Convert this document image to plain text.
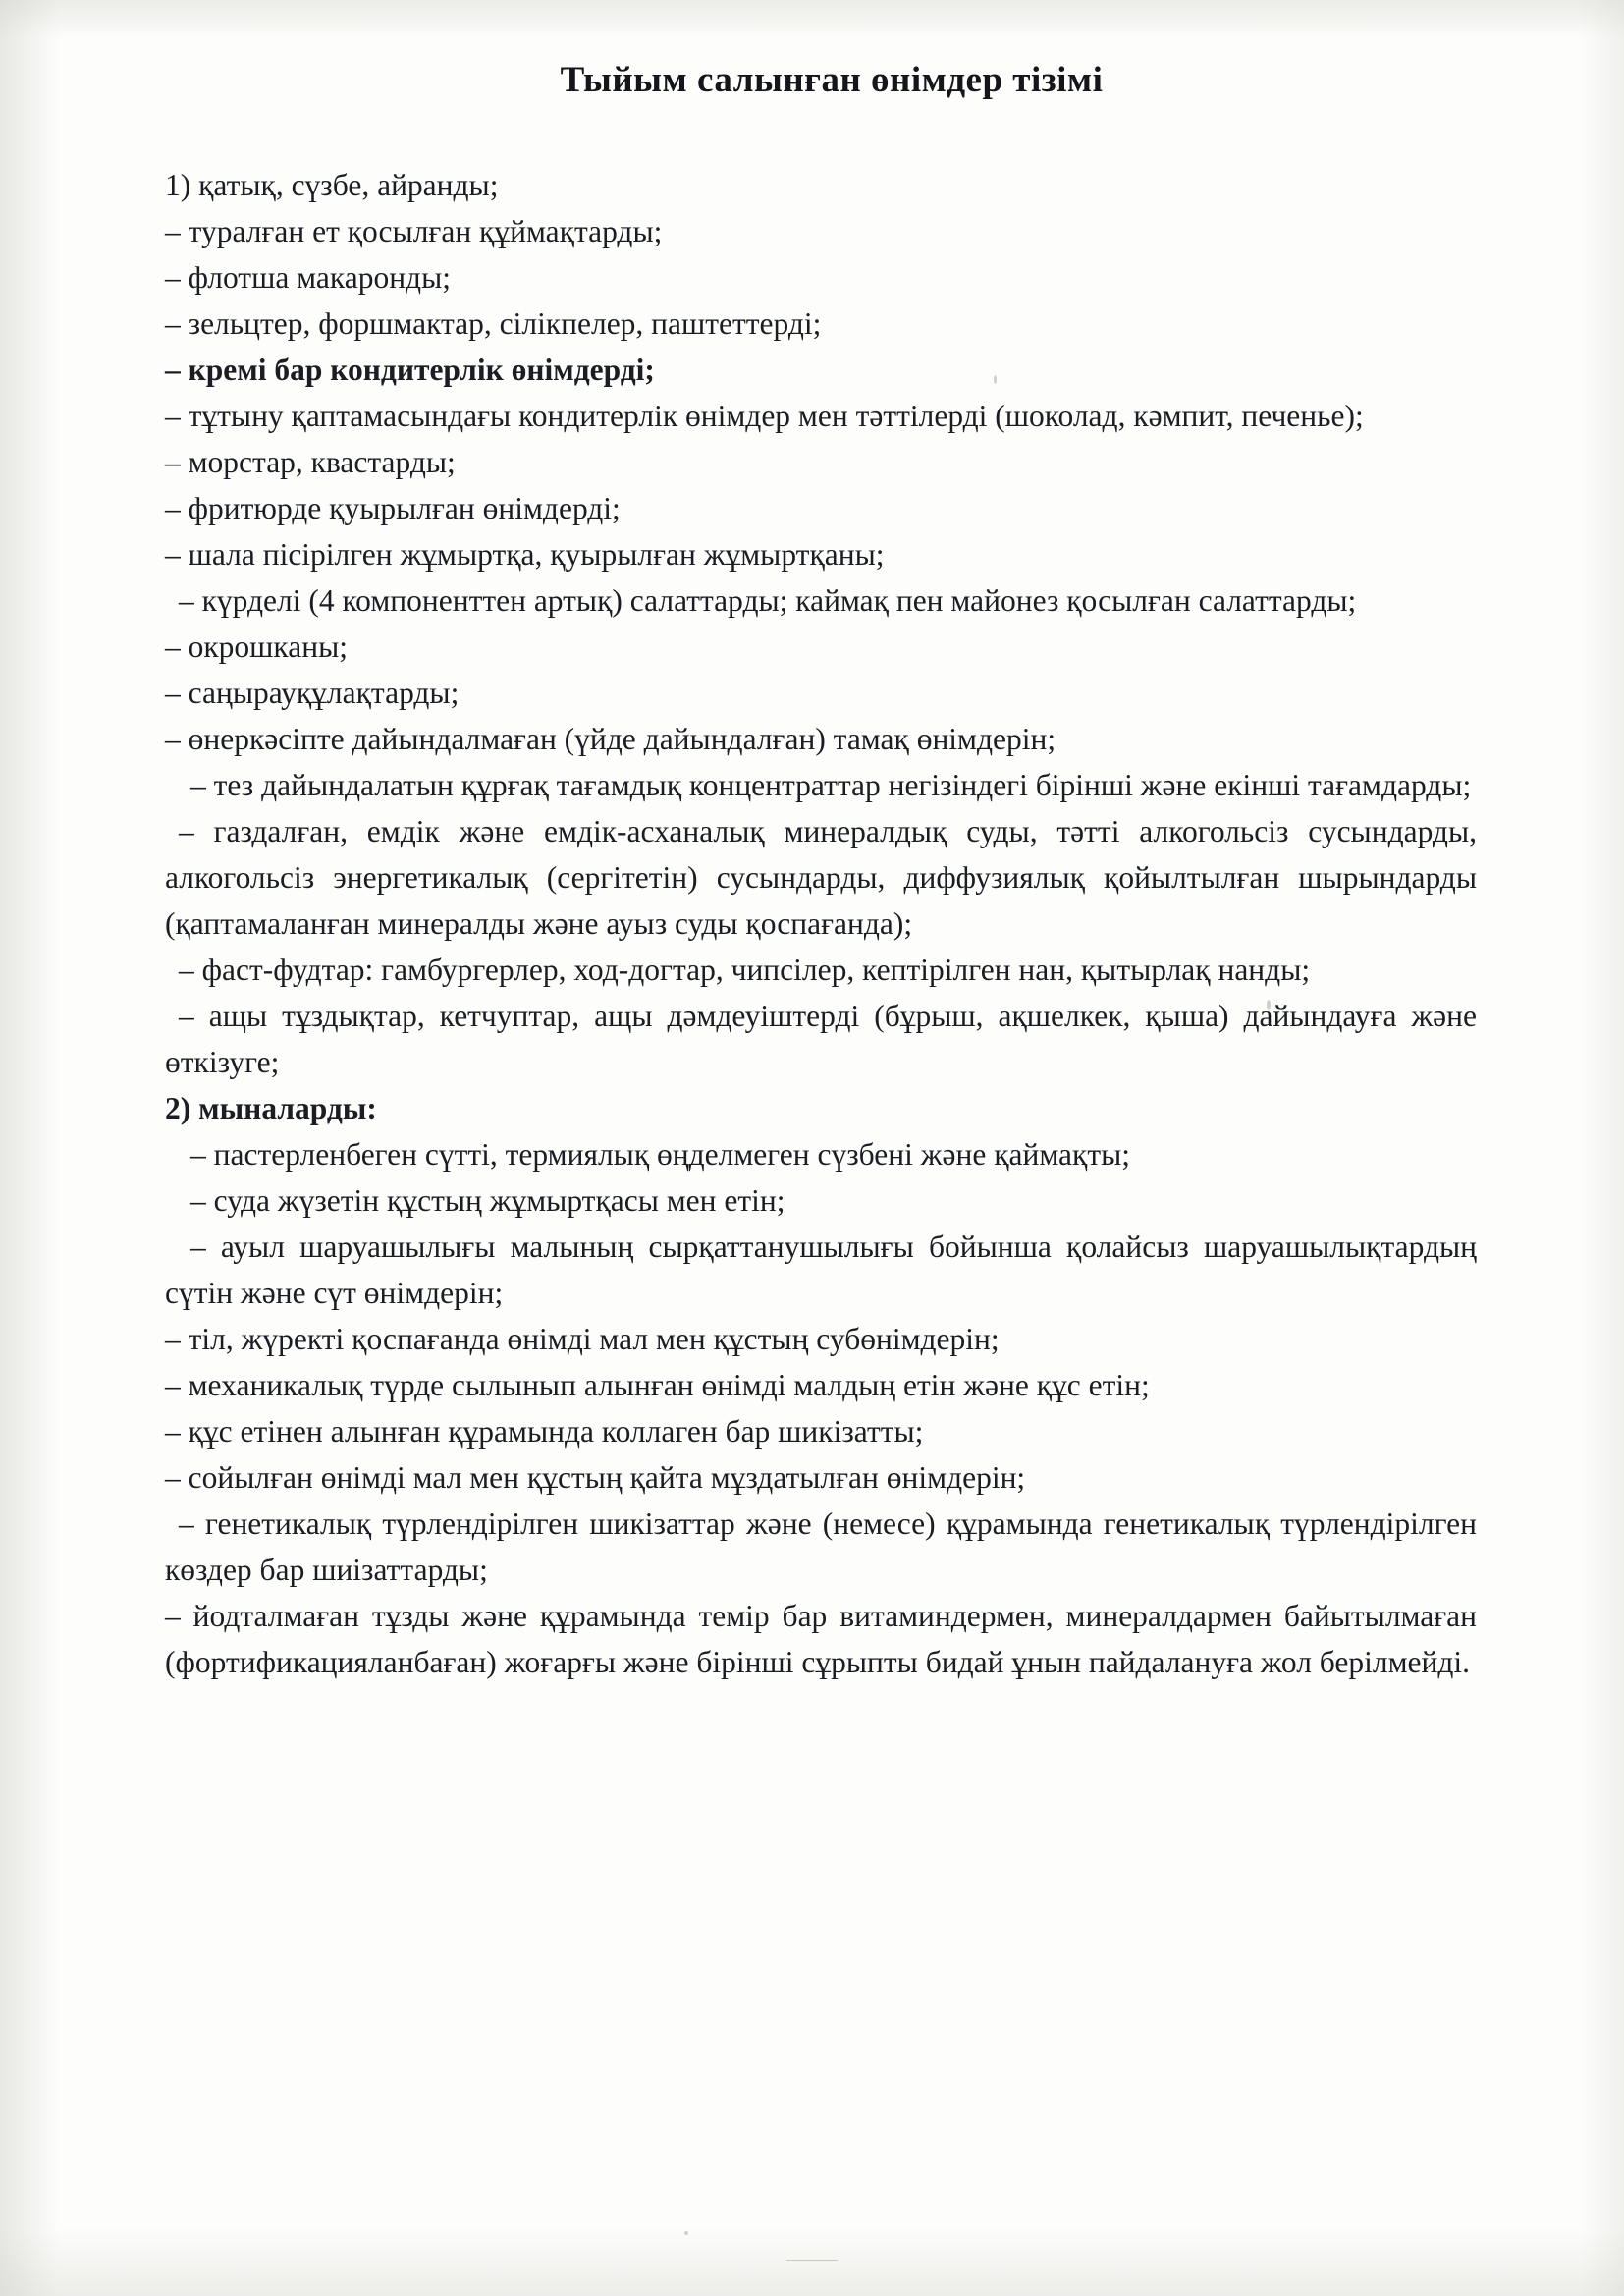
Тыйым салынған өнімдер тізімі

1) қатық, сүзбе, айранды;

– туралған ет қосылған құймақтарды;

– флотша макаронды;

– зельцтер, форшмактар, сілікпелер, паштеттерді;

– кремі бар кондитерлік өнімдерді;

– тұтыну қаптамасындағы кондитерлік өнімдер мен тәттілерді (шоколад, кәмпит, печенье);

– морстар, квастарды;

– фритюрде қуырылған өнімдерді;

– шала пісірілген жұмыртқа, қуырылған жұмыртқаны;

– күрделі (4 компоненттен артық) салаттарды; каймақ пен майонез қосылған салаттарды;

– окрошканы;

– саңырауқұлақтарды;

– өнеркәсіпте дайындалмаған (үйде дайындалған) тамақ өнімдерін;

– тез дайындалатын құрғақ тағамдық концентраттар негізіндегі бірінші және екінші тағамдарды;

– газдалған, емдік және емдік-асханалық минералдық суды, тәтті алкогольсіз сусындарды, алкогольсіз энергетикалық (сергітетін) сусындарды, диффузиялық қойылтылған шырындарды (қаптамаланған минералды және ауыз суды қоспағанда);

– фаст-фудтар: гамбургерлер, ход-догтар, чипсілер, кептірілген нан, қытырлақ нанды;

– ащы тұздықтар, кетчуптар, ащы дәмдеуіштерді (бұрыш, ақшелкек, қыша) дайындауға және өткізуге;

2) мыналарды:

– пастерленбеген сүтті, термиялық өңделмеген сүзбені және қаймақты;

– суда жүзетін құстың жұмыртқасы мен етін;

– ауыл шаруашылығы малының сырқаттанушылығы бойынша қолайсыз шаруашылықтардың сүтін және сүт өнімдерін;

– тіл, жүректі қоспағанда өнімді мал мен құстың субөнімдерін;

– механикалық түрде сылынып алынған өнімді малдың етін және құс етін;

– құс етінен алынған құрамында коллаген бар шикізатты;

– сойылған өнімді мал мен құстың қайта мұздатылған өнімдерін;

– генетикалық түрлендірілген шикізаттар және (немесе) құрамында генетикалық түрлендірілген көздер бар шиізаттарды;

– йодталмаған тұзды және құрамында темір бар витаминдермен, минералдармен байытылмаған (фортификацияланбаған) жоғарғы және бірінші сұрыпты бидай ұнын пайдалануға жол берілмейді.
